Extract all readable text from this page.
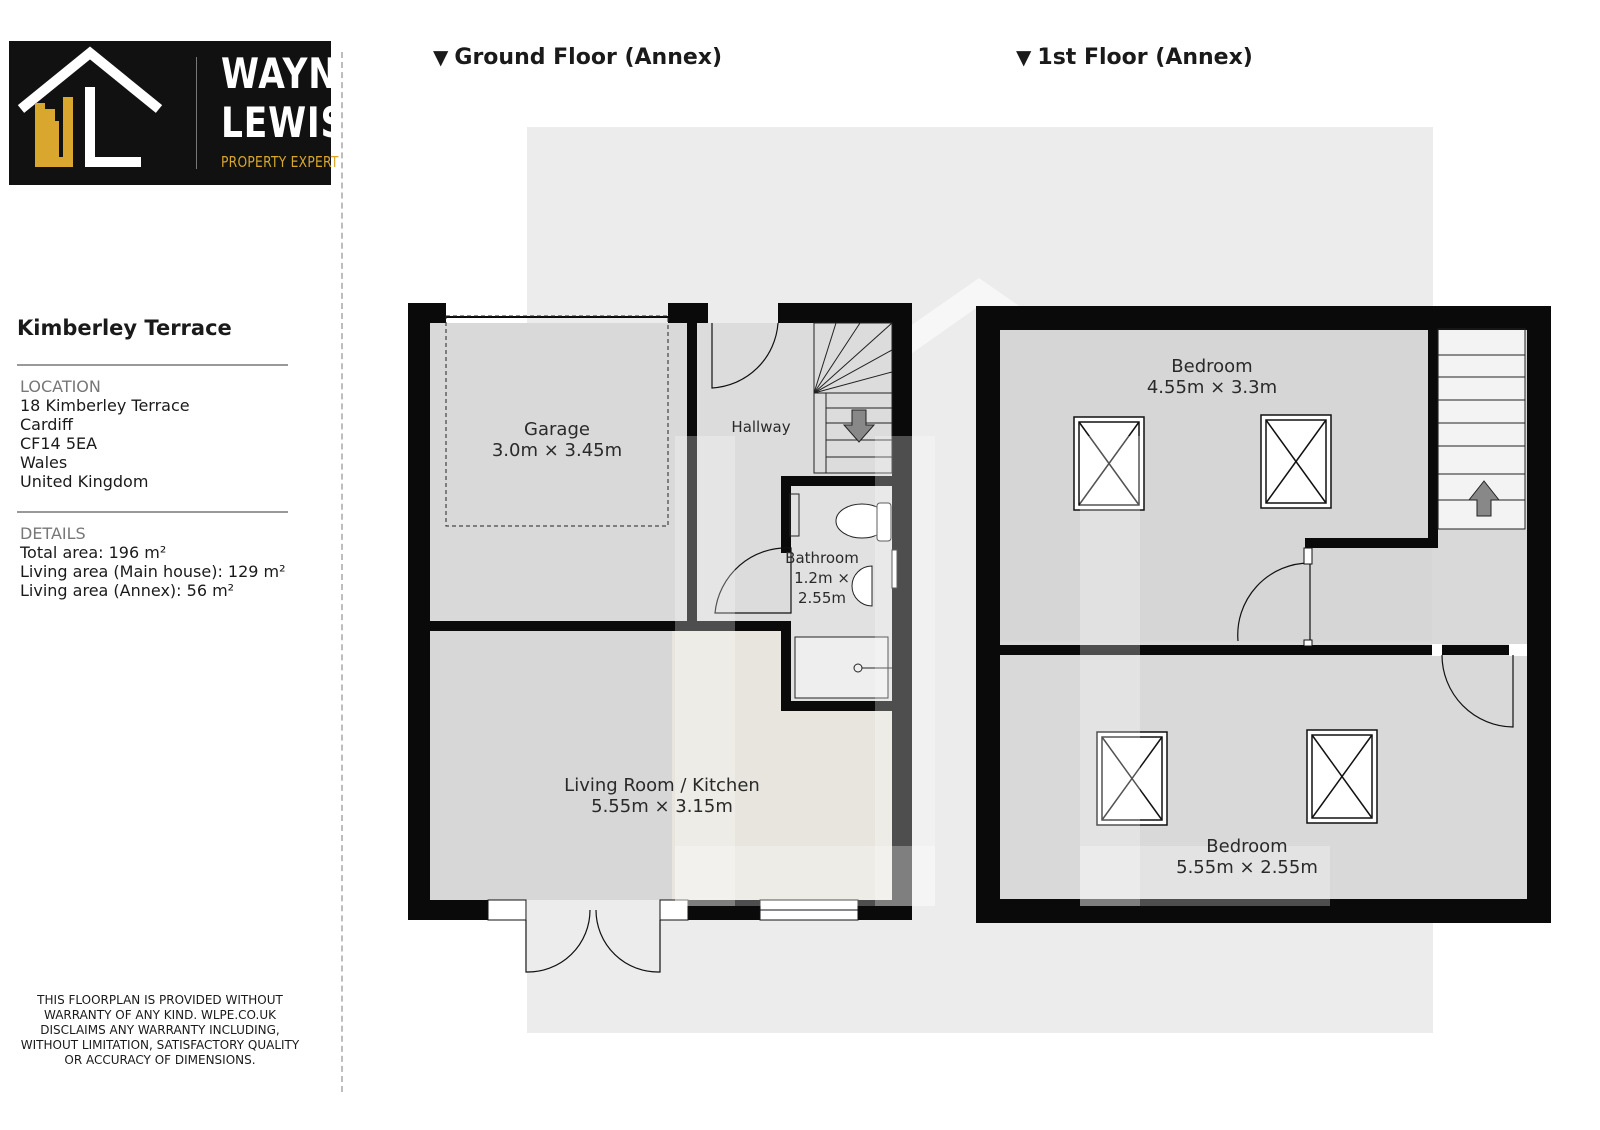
WL
WAYNE
LEWIS
PROPERTY EXPERT
Kimberley Terrace
LOCATION
18 Kimberley Terrace
Cardiff
CF14 5EA
Wales
United Kingdom
DETAILS
Total area: 196 m²
Living area (Main house): 129 m²
Living area (Annex): 56 m²
THIS FLOORPLAN IS PROVIDED WITHOUT WARRANTY OF ANY KIND. WLPE.CO.UK DISCLAIMS ANY WARRANTY INCLUDING, WITHOUT LIMITATION, SATISFACTORY QUALITY OR ACCURACY OF DIMENSIONS.
▼ Ground Floor (Annex)	▼ 1st Floor (Annex)
Garage
3.0m × 3.45m
Hallway
Bathroom
1.2m ×
2.55m
Living Room / Kitchen
5.55m × 3.15m
Bedroom
4.55m × 3.3m
Bedroom
5.55m × 2.55m
